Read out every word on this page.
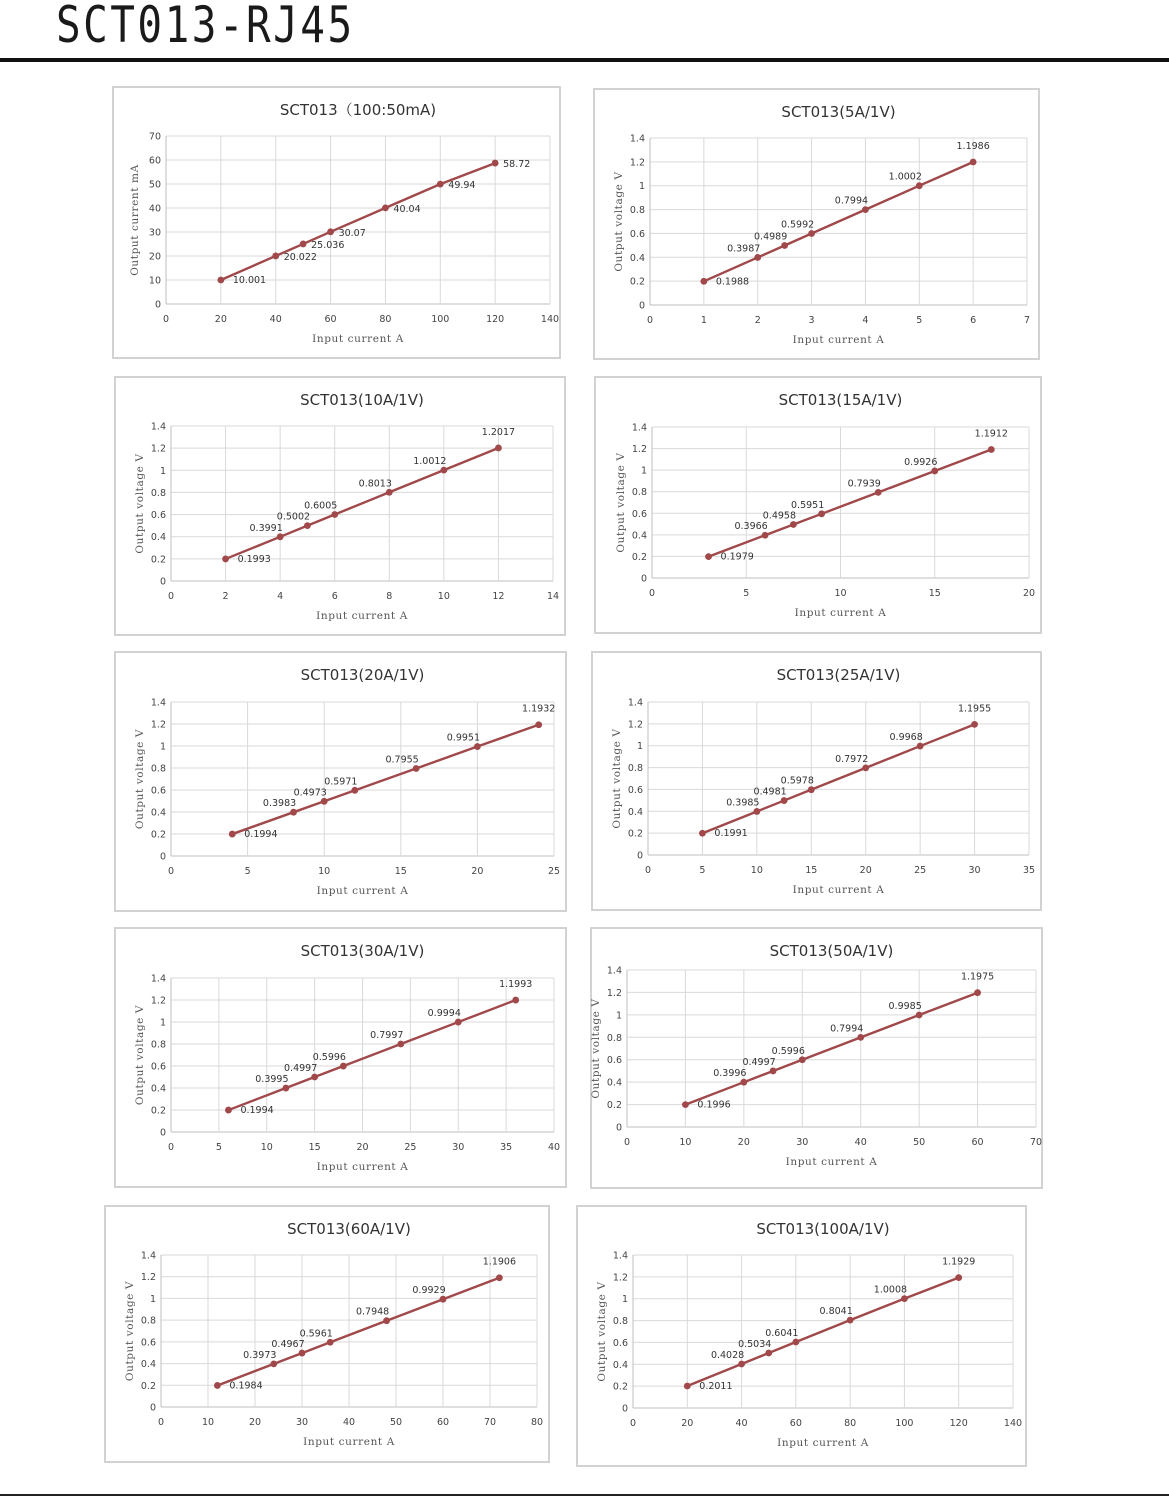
SCT013-RJ45
SCT013（100:50mA)
0
10
20
30
40
50
60
70
0	20	40	60	80	100	120	140
Input current A
Output current mA
10.001
20.022
25.036
30.07
40.04
49.94
58.72
SCT013(5A/1V)
0
0.2
0.4
0.6
0.8
1
1.2
1.4
0	1	2	3	4	5	6	7
Input current A
Output voltage V
0.1988
0.3987
0.4989
0.5992
0.7994
1.0002
1.1986
SCT013(10A/1V)
0
0.2
0.4
0.6
0.8
1
1.2
1.4
0	2	4	6	8	10	12	14
Input current A
Output voltage V
0.1993
0.3991
0.5002
0.6005
0.8013
1.0012
1.2017
SCT013(15A/1V)
0
0.2
0.4
0.6
0.8
1
1.2
1.4
0	5	10	15	20
Input current A
Output voltage V
0.1979
0.3966
0.4958
0.5951
0.7939
0.9926
1.1912
SCT013(20A/1V)
0
0.2
0.4
0.6
0.8
1
1.2
1.4
0	5	10	15	20	25
Input current A
Output voltage V
0.1994
0.3983
0.4973
0.5971
0.7955
0.9951
1.1932
SCT013(25A/1V)
0
0.2
0.4
0.6
0.8
1
1.2
1.4
0	5	10	15	20	25	30	35
Input current A
Output voltage V
0.1991
0.3985
0.4981
0.5978
0.7972
0.9968
1.1955
SCT013(30A/1V)
0
0.2
0.4
0.6
0.8
1
1.2
1.4
0	5	10	15	20	25	30	35	40
Input current A
Output voltage V
0.1994
0.3995
0.4997
0.5996
0.7997
0.9994
1.1993
SCT013(50A/1V)
0
0.2
0.4
0.6
0.8
1
1.2
1.4
0	10	20	30	40	50	60	70
Input current A
Output voltage V
0.1996
0.3996
0.4997
0.5996
0.7994
0.9985
1.1975
SCT013(60A/1V)
0
0.2
0.4
0.6
0.8
1
1.2
1.4
0	10	20	30	40	50	60	70	80
Input current A
Output voltage V
0.1984
0.3973
0.4967
0.5961
0.7948
0.9929
1.1906
SCT013(100A/1V)
0
0.2
0.4
0.6
0.8
1
1.2
1.4
0	20	40	60	80	100	120	140
Input current A
Output voltage V
0.2011
0.4028
0.5034
0.6041
0.8041
1.0008
1.1929
